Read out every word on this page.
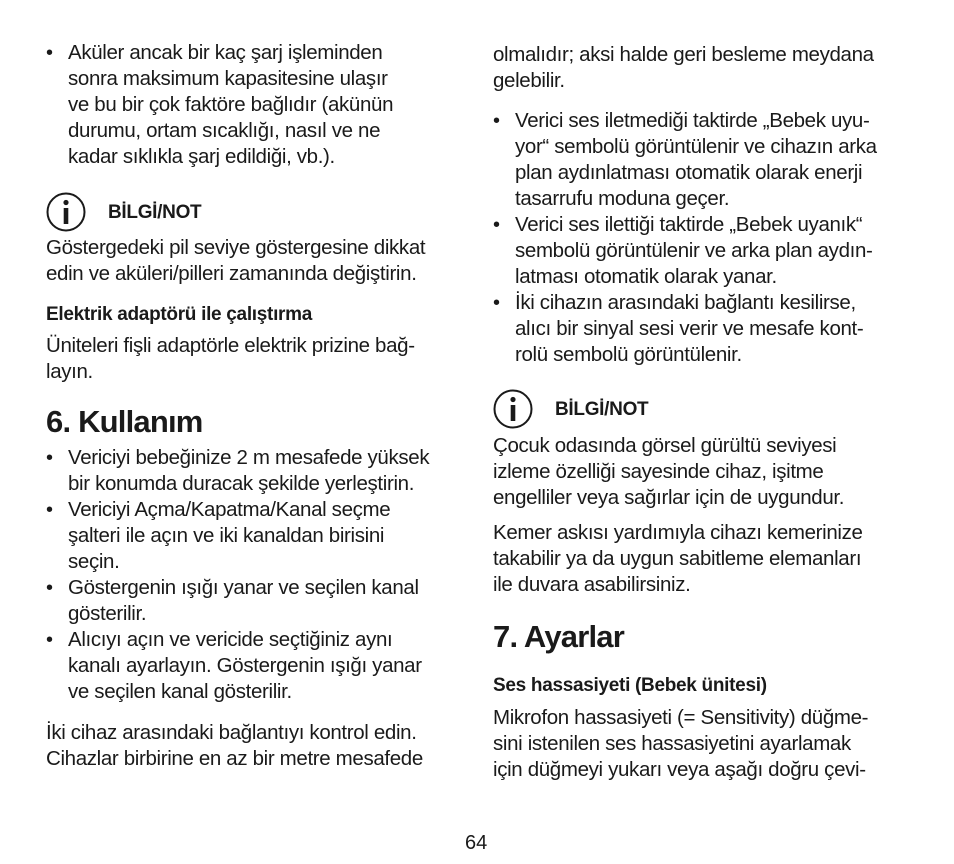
• Aküler ancak bir kaç şarj işleminden
sonra maksimum kapasitesine ulaşır
ve bu bir çok faktöre bağlıdır (akünün
durumu, ortam sıcaklığı, nasıl ve ne
kadar sıklıkla şarj edildiği, vb.).
BİLGİ/NOT
Göstergedeki pil seviye göstergesine dikkat
edin ve aküleri/pilleri zamanında değiştirin.
Elektrik adaptörü ile çalıştırma
Üniteleri fişli adaptörle elektrik prizine bağ-
layın.
6. Kullanım
• Vericiyi bebeğinize 2 m mesafede yüksek
bir konumda duracak şekilde yerleştirin.
• Vericiyi Açma/Kapatma/Kanal seçme
şalteri ile açın ve iki kanaldan birisini
seçin.
• Göstergenin ışığı yanar ve seçilen kanal
gösterilir.
• Alıcıyı açın ve vericide seçtiğiniz aynı
kanalı ayarlayın. Göstergenin ışığı yanar
ve seçilen kanal gösterilir.
İki cihaz arasındaki bağlantıyı kontrol edin.
Cihazlar birbirine en az bir metre mesafede
olmalıdır; aksi halde geri besleme meydana
gelebilir.
• Verici ses iletmediği taktirde „Bebek uyu-
yor“ sembolü görüntülenir ve cihazın arka
plan aydınlatması otomatik olarak enerji
tasarrufu moduna geçer.
• Verici ses ilettiği taktirde „Bebek uyanık“
sembolü görüntülenir ve arka plan aydın-
latması otomatik olarak yanar.
• İki cihazın arasındaki bağlantı kesilirse,
alıcı bir sinyal sesi verir ve mesafe kont-
rolü sembolü görüntülenir.
BİLGİ/NOT
Çocuk odasında görsel gürültü seviyesi
izleme özelliği sayesinde cihaz, işitme
engelliler veya sağırlar için de uygundur.
Kemer askısı yardımıyla cihazı kemerinize
takabilir ya da uygun sabitleme elemanları
ile duvara asabilirsiniz.
7. Ayarlar
Ses hassasiyeti (Bebek ünitesi)
Mikrofon hassasiyeti (= Sensitivity) düğme-
sini istenilen ses hassasiyetini ayarlamak
için düğmeyi yukarı veya aşağı doğru çevi-
64
